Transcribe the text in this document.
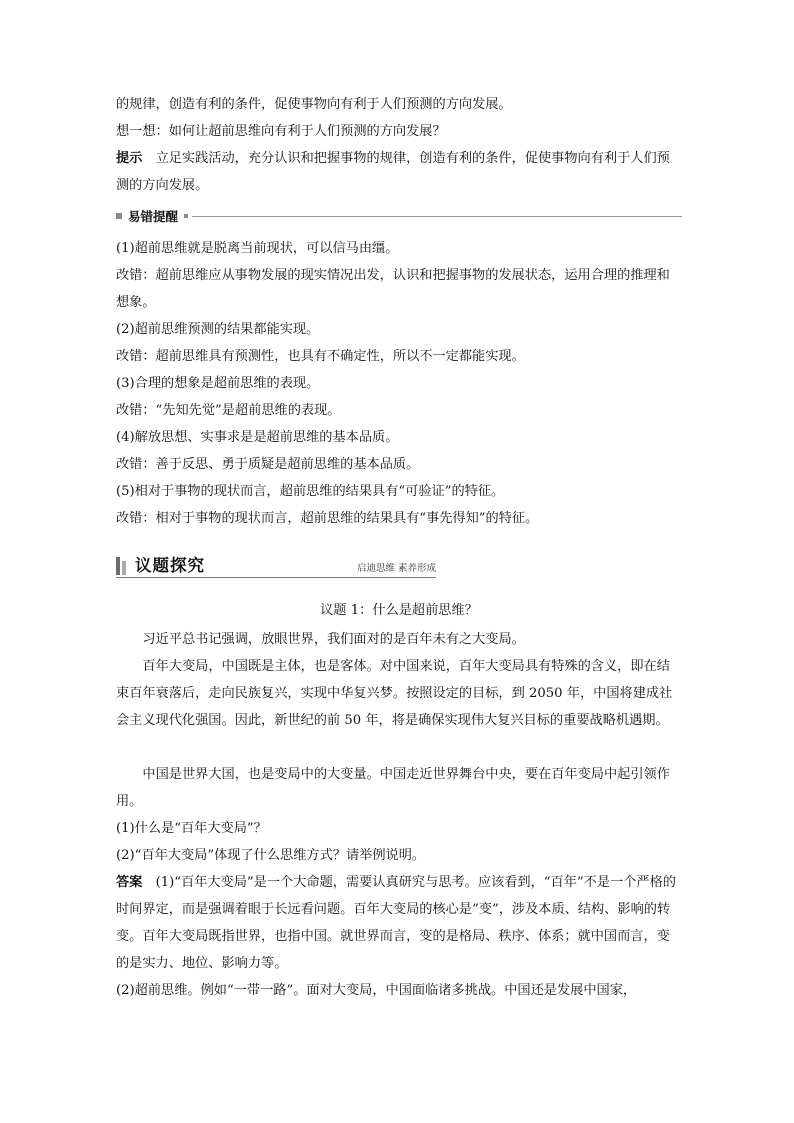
的规律，创造有利的条件，促使事物向有利于人们预测的方向发展。
想一想：如何让超前思维向有利于人们预测的方向发展？
提示 立足实践活动，充分认识和把握事物的规律，创造有利的条件，促使事物向有利于人们预测的方向发展。
易错提醒
(1)超前思维就是脱离当前现状，可以信马由缰。
改错：超前思维应从事物发展的现实情况出发，认识和把握事物的发展状态，运用合理的推理和想象。
(2)超前思维预测的结果都能实现。
改错：超前思维具有预测性，也具有不确定性，所以不一定都能实现。
(3)合理的想象是超前思维的表现。
改错：“先知先觉”是超前思维的表现。
(4)解放思想、实事求是是超前思维的基本品质。
改错：善于反思、勇于质疑是超前思维的基本品质。
(5)相对于事物的现状而言，超前思维的结果具有“可验证”的特征。
改错：相对于事物的现状而言，超前思维的结果具有“事先得知”的特征。
议题探究	启迪思维 素养形成
议题 1：什么是超前思维？
习近平总书记强调，放眼世界，我们面对的是百年未有之大变局。
百年大变局，中国既是主体，也是客体。对中国来说，百年大变局具有特殊的含义，即在结束百年衰落后，走向民族复兴，实现中华复兴梦。按照设定的目标，到 2050 年，中国将建成社会主义现代化强国。因此，新世纪的前 50 年，将是确保实现伟大复兴目标的重要战略机遇期。
中国是世界大国，也是变局中的大变量。中国走近世界舞台中央，要在百年变局中起引领作用。
(1)什么是“百年大变局”？
(2)“百年大变局”体现了什么思维方式？请举例说明。
答案 (1)“百年大变局”是一个大命题，需要认真研究与思考。应该看到，“百年”不是一个严格的时间界定，而是强调着眼于长远看问题。百年大变局的核心是“变”，涉及本质、结构、影响的转变。百年大变局既指世界，也指中国。就世界而言，变的是格局、秩序、体系；就中国而言，变的是实力、地位、影响力等。
(2)超前思维。例如“一带一路”。面对大变局，中国面临诸多挑战。中国还是发展中国家，
